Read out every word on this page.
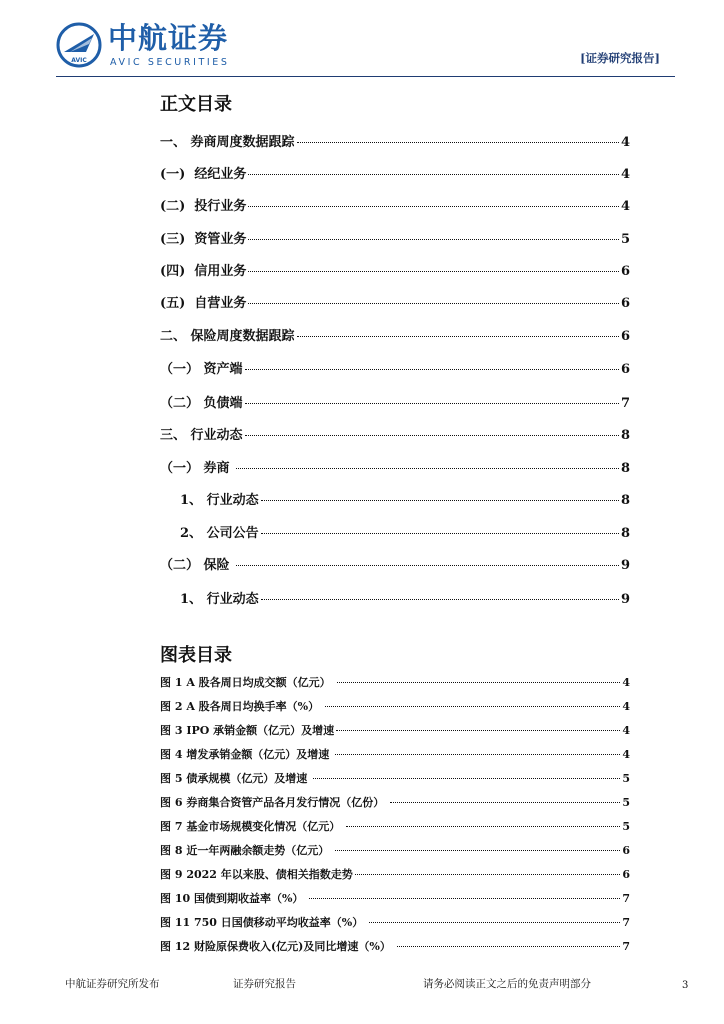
AVIC
中航证券
AVIC SECURITIES	[证券研究报告]
正文目录
一、 券商周度数据跟踪	4
(一)  经纪业务	4
(二)  投行业务	4
(三)  资管业务	5
(四)  信用业务	6
(五)  自营业务	6
二、 保险周度数据跟踪	6
（一） 资产端	6
（二） 负债端	7
三、 行业动态	8
（一） 券商	8
1、 行业动态	8
2、 公司公告	8
（二） 保险	9
1、 行业动态	9
图表目录
图 1 A 股各周日均成交额（亿元）	4
图 2 A 股各周日均换手率（%）	4
图 3 IPO 承销金额（亿元）及增速	4
图 4 增发承销金额（亿元）及增速	4
图 5 债承规模（亿元）及增速	5
图 6 券商集合资管产品各月发行情况（亿份）	5
图 7 基金市场规模变化情况（亿元）	5
图 8 近一年两融余额走势（亿元）	6
图 9 2022 年以来股、债相关指数走势	6
图 10 国债到期收益率（%）	7
图 11 750 日国债移动平均收益率（%）	7
图 12 财险原保费收入(亿元)及同比增速（%）	7
中航证券研究所发布	证券研究报告	请务必阅读正文之后的免责声明部分	3
